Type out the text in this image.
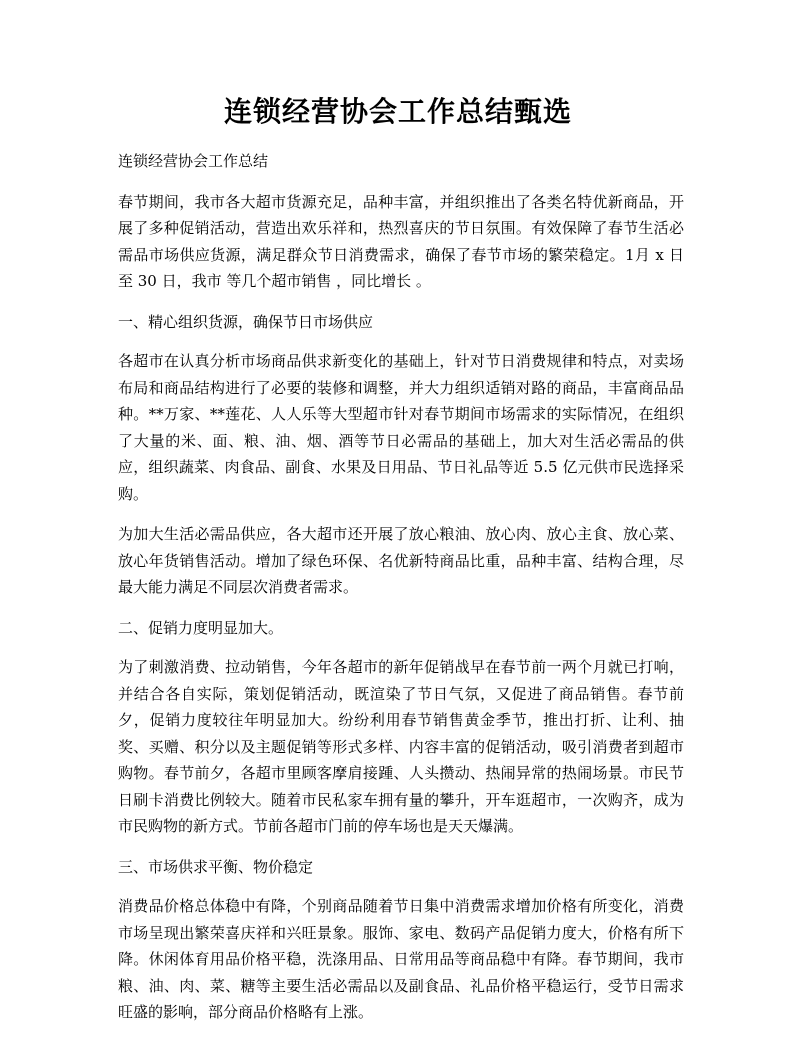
连锁经营协会工作总结甄选

连锁经营协会工作总结

春节期间，我市各大超市货源充足，品种丰富，并组织推出了各类名特优新商品，开展了多种促销活动，营造出欢乐祥和，热烈喜庆的节日氛围。有效保障了春节生活必需品市场供应货源，满足群众节日消费需求，确保了春节市场的繁荣稳定。1月 x 日至 30 日，我市 等几个超市销售 ，同比增长 。

一、精心组织货源，确保节日市场供应

各超市在认真分析市场商品供求新变化的基础上，针对节日消费规律和特点，对卖场布局和商品结构进行了必要的装修和调整，并大力组织适销对路的商品，丰富商品品种。**万家、**莲花、人人乐等大型超市针对春节期间市场需求的实际情况，在组织了大量的米、面、粮、油、烟、酒等节日必需品的基础上，加大对生活必需品的供应，组织蔬菜、肉食品、副食、水果及日用品、节日礼品等近 5.5 亿元供市民选择采购。

为加大生活必需品供应，各大超市还开展了放心粮油、放心肉、放心主食、放心菜、放心年货销售活动。增加了绿色环保、名优新特商品比重，品种丰富、结构合理，尽最大能力满足不同层次消费者需求。

二、促销力度明显加大。

为了刺激消费、拉动销售，今年各超市的新年促销战早在春节前一两个月就已打响，并结合各自实际，策划促销活动，既渲染了节日气氛，又促进了商品销售。春节前夕，促销力度较往年明显加大。纷纷利用春节销售黄金季节，推出打折、让利、抽奖、买赠、积分以及主题促销等形式多样、内容丰富的促销活动，吸引消费者到超市购物。春节前夕，各超市里顾客摩肩接踵、人头攒动、热闹异常的热闹场景。市民节日刷卡消费比例较大。随着市民私家车拥有量的攀升，开车逛超市，一次购齐，成为市民购物的新方式。节前各超市门前的停车场也是天天爆满。

三、市场供求平衡、物价稳定

消费品价格总体稳中有降，个别商品随着节日集中消费需求增加价格有所变化，消费市场呈现出繁荣喜庆祥和兴旺景象。服饰、家电、数码产品促销力度大，价格有所下降。休闲体育用品价格平稳，洗涤用品、日常用品等商品稳中有降。春节期间，我市粮、油、肉、菜、糖等主要生活必需品以及副食品、礼品价格平稳运行，受节日需求旺盛的影响，部分商品价格略有上涨。
